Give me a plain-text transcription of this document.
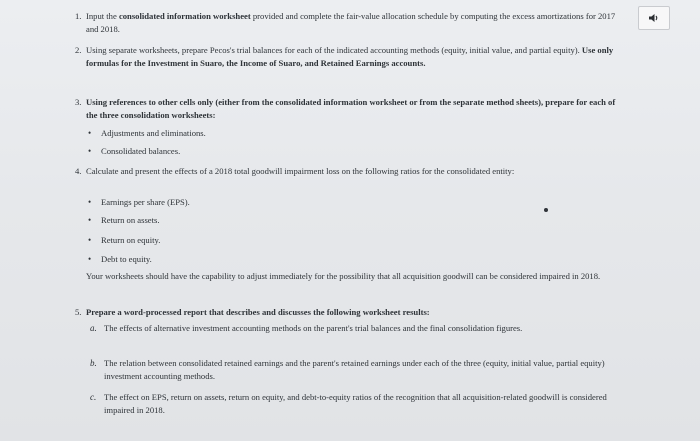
1. Input the consolidated information worksheet provided and complete the fair-value allocation schedule by computing the excess amortizations for 2017 and 2018.
2. Using separate worksheets, prepare Pecos's trial balances for each of the indicated accounting methods (equity, initial value, and partial equity). Use only formulas for the Investment in Suaro, the Income of Suaro, and Retained Earnings accounts.
3. Using references to other cells only (either from the consolidated information worksheet or from the separate method sheets), prepare for each of the three consolidation worksheets:
• Adjustments and eliminations.
• Consolidated balances.
4. Calculate and present the effects of a 2018 total goodwill impairment loss on the following ratios for the consolidated entity:
• Earnings per share (EPS).
• Return on assets.
• Return on equity.
• Debt to equity.
Your worksheets should have the capability to adjust immediately for the possibility that all acquisition goodwill can be considered impaired in 2018.
5. Prepare a word-processed report that describes and discusses the following worksheet results:
a. The effects of alternative investment accounting methods on the parent's trial balances and the final consolidation figures.
b. The relation between consolidated retained earnings and the parent's retained earnings under each of the three (equity, initial value, partial equity) investment accounting methods.
c. The effect on EPS, return on assets, return on equity, and debt-to-equity ratios of the recognition that all acquisition-related goodwill is considered impaired in 2018.
